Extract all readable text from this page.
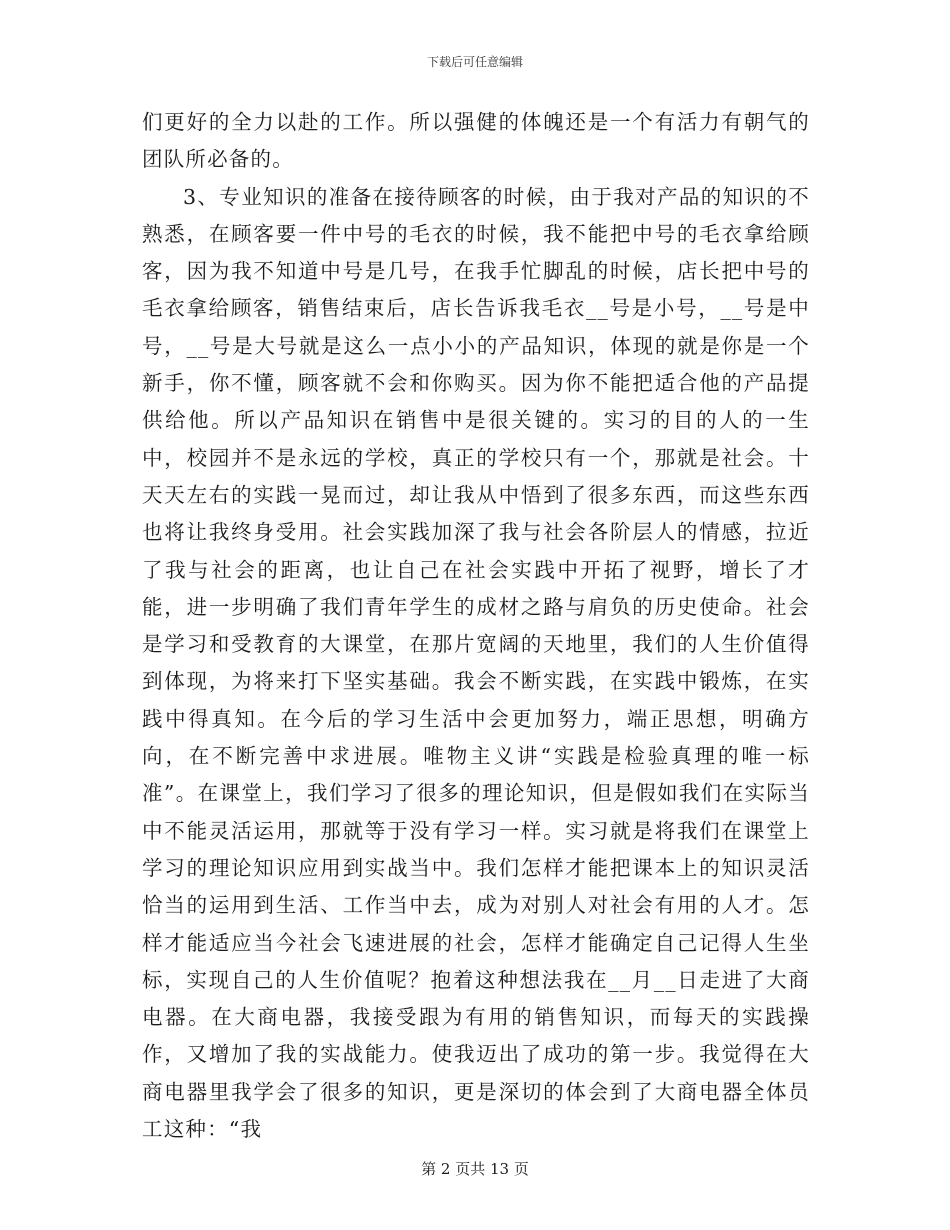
下载后可任意编辑

们更好的全力以赴的工作。所以强健的体魄还是一个有活力有朝气的团队所必备的。

3、专业知识的准备在接待顾客的时候，由于我对产品的知识的不熟悉，在顾客要一件中号的毛衣的时候，我不能把中号的毛衣拿给顾客，因为我不知道中号是几号，在我手忙脚乱的时候，店长把中号的毛衣拿给顾客，销售结束后，店长告诉我毛衣__号是小号，__号是中号，__号是大号就是这么一点小小的产品知识，体现的就是你是一个新手，你不懂，顾客就不会和你购买。因为你不能把适合他的产品提供给他。所以产品知识在销售中是很关键的。实习的目的人的一生中，校园并不是永远的学校，真正的学校只有一个，那就是社会。十天天左右的实践一晃而过，却让我从中悟到了很多东西，而这些东西也将让我终身受用。社会实践加深了我与社会各阶层人的情感，拉近了我与社会的距离，也让自己在社会实践中开拓了视野，增长了才能，进一步明确了我们青年学生的成材之路与肩负的历史使命。社会是学习和受教育的大课堂，在那片宽阔的天地里，我们的人生价值得到体现，为将来打下坚实基础。我会不断实践，在实践中锻炼，在实践中得真知。在今后的学习生活中会更加努力，端正思想，明确方向，在不断完善中求进展。唯物主义讲“实践是检验真理的唯一标准”。在课堂上，我们学习了很多的理论知识，但是假如我们在实际当中不能灵活运用，那就等于没有学习一样。实习就是将我们在课堂上学习的理论知识应用到实战当中。我们怎样才能把课本上的知识灵活恰当的运用到生活、工作当中去，成为对别人对社会有用的人才。怎样才能适应当今社会飞速进展的社会，怎样才能确定自己记得人生坐标，实现自己的人生价值呢？抱着这种想法我在__月__日走进了大商电器。在大商电器，我接受跟为有用的销售知识，而每天的实践操作，又增加了我的实战能力。使我迈出了成功的第一步。我觉得在大商电器里我学会了很多的知识，更是深切的体会到了大商电器全体员工这种：“我

第 2 页共 13 页
